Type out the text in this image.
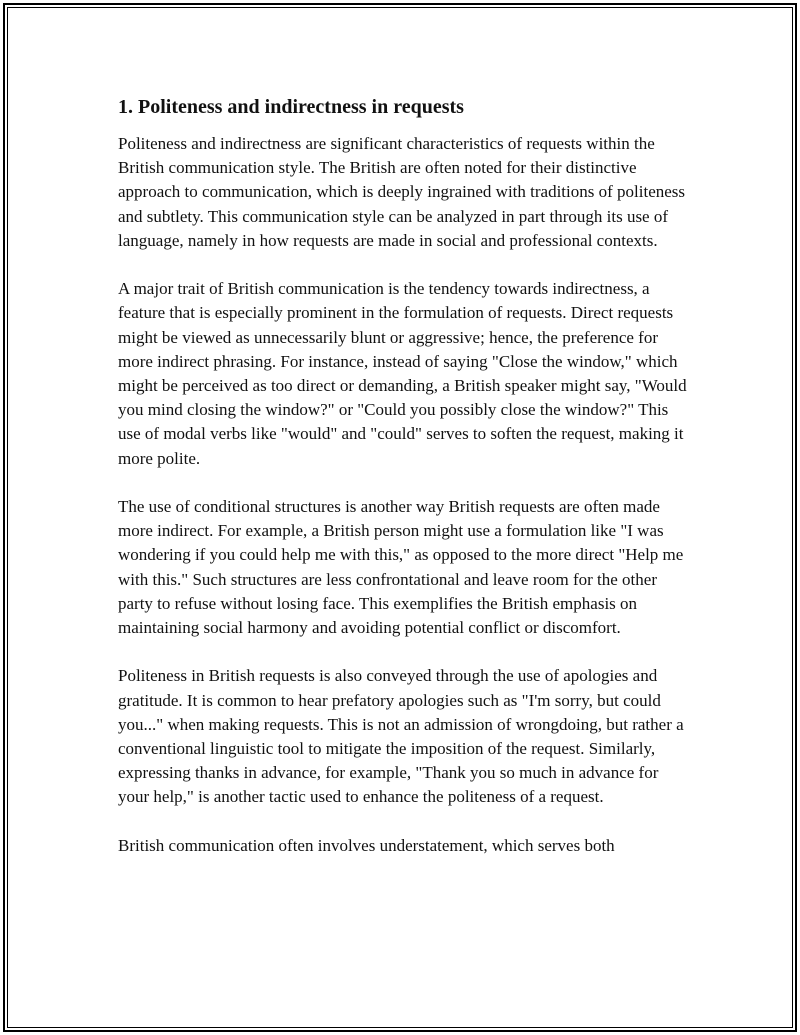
1. Politeness and indirectness in requests

Politeness and indirectness are significant characteristics of requests within the British communication style. The British are often noted for their distinctive approach to communication, which is deeply ingrained with traditions of politeness and subtlety. This communication style can be analyzed in part through its use of language, namely in how requests are made in social and professional contexts.

A major trait of British communication is the tendency towards indirectness, a feature that is especially prominent in the formulation of requests. Direct requests might be viewed as unnecessarily blunt or aggressive; hence, the preference for more indirect phrasing. For instance, instead of saying "Close the window," which might be perceived as too direct or demanding, a British speaker might say, "Would you mind closing the window?" or "Could you possibly close the window?" This use of modal verbs like "would" and "could" serves to soften the request, making it more polite.

The use of conditional structures is another way British requests are often made more indirect. For example, a British person might use a formulation like "I was wondering if you could help me with this," as opposed to the more direct "Help me with this." Such structures are less confrontational and leave room for the other party to refuse without losing face. This exemplifies the British emphasis on maintaining social harmony and avoiding potential conflict or discomfort.

Politeness in British requests is also conveyed through the use of apologies and gratitude. It is common to hear prefatory apologies such as "I'm sorry, but could you..." when making requests. This is not an admission of wrongdoing, but rather a conventional linguistic tool to mitigate the imposition of the request. Similarly, expressing thanks in advance, for example, "Thank you so much in advance for your help," is another tactic used to enhance the politeness of a request.

British communication often involves understatement, which serves both
